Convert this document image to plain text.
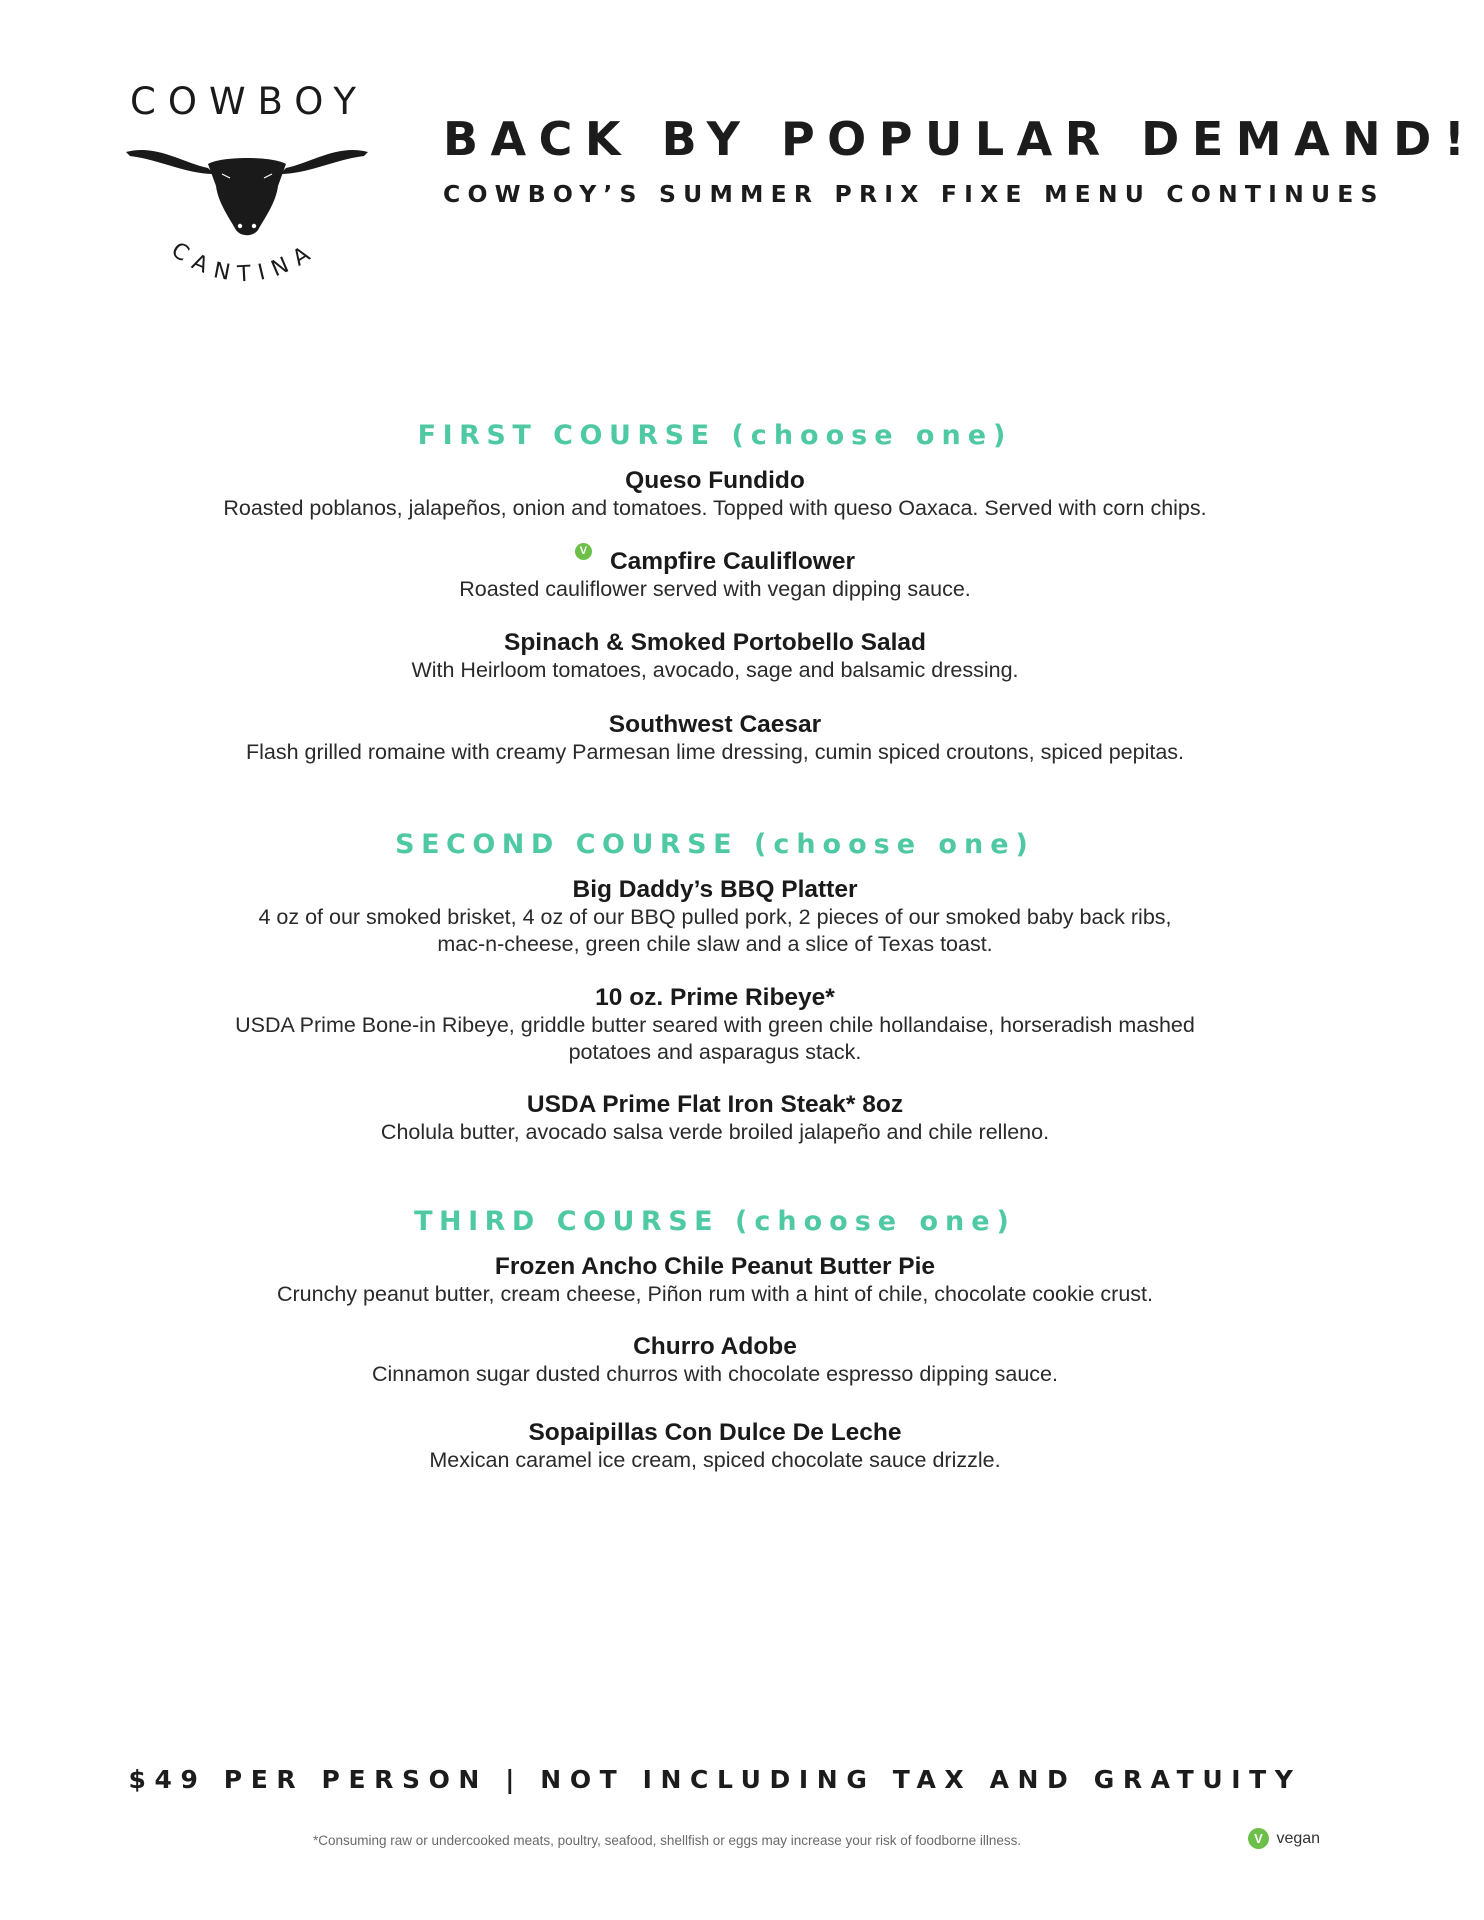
COWBOY
CANTINA
BACK BY POPULAR DEMAND!
COWBOY’S SUMMER PRIX FIXE MENU CONTINUES
FIRST COURSE (choose one)
Queso Fundido
Roasted poblanos, jalapeños, onion and tomatoes. Topped with queso Oaxaca. Served with corn chips.
V Campfire Cauliflower
Roasted cauliflower served with vegan dipping sauce.
Spinach & Smoked Portobello Salad
With Heirloom tomatoes, avocado, sage and balsamic dressing.
Southwest Caesar
Flash grilled romaine with creamy Parmesan lime dressing, cumin spiced croutons, spiced pepitas.
SECOND COURSE (choose one)
Big Daddy’s BBQ Platter
4 oz of our smoked brisket, 4 oz of our BBQ pulled pork, 2 pieces of our smoked baby back ribs,
mac-n-cheese, green chile slaw and a slice of Texas toast.
10 oz. Prime Ribeye*
USDA Prime Bone-in Ribeye, griddle butter seared with green chile hollandaise, horseradish mashed
potatoes and asparagus stack.
USDA Prime Flat Iron Steak* 8oz
Cholula butter, avocado salsa verde broiled jalapeño and chile relleno.
THIRD COURSE (choose one)
Frozen Ancho Chile Peanut Butter Pie
Crunchy peanut butter, cream cheese, Piñon rum with a hint of chile, chocolate cookie crust.
Churro Adobe
Cinnamon sugar dusted churros with chocolate espresso dipping sauce.
Sopaipillas Con Dulce De Leche
Mexican caramel ice cream, spiced chocolate sauce drizzle.
$49 PER PERSON | NOT INCLUDING TAX AND GRATUITY
*Consuming raw or undercooked meats, poultry, seafood, shellfish or eggs may increase your risk of foodborne illness.	V vegan
